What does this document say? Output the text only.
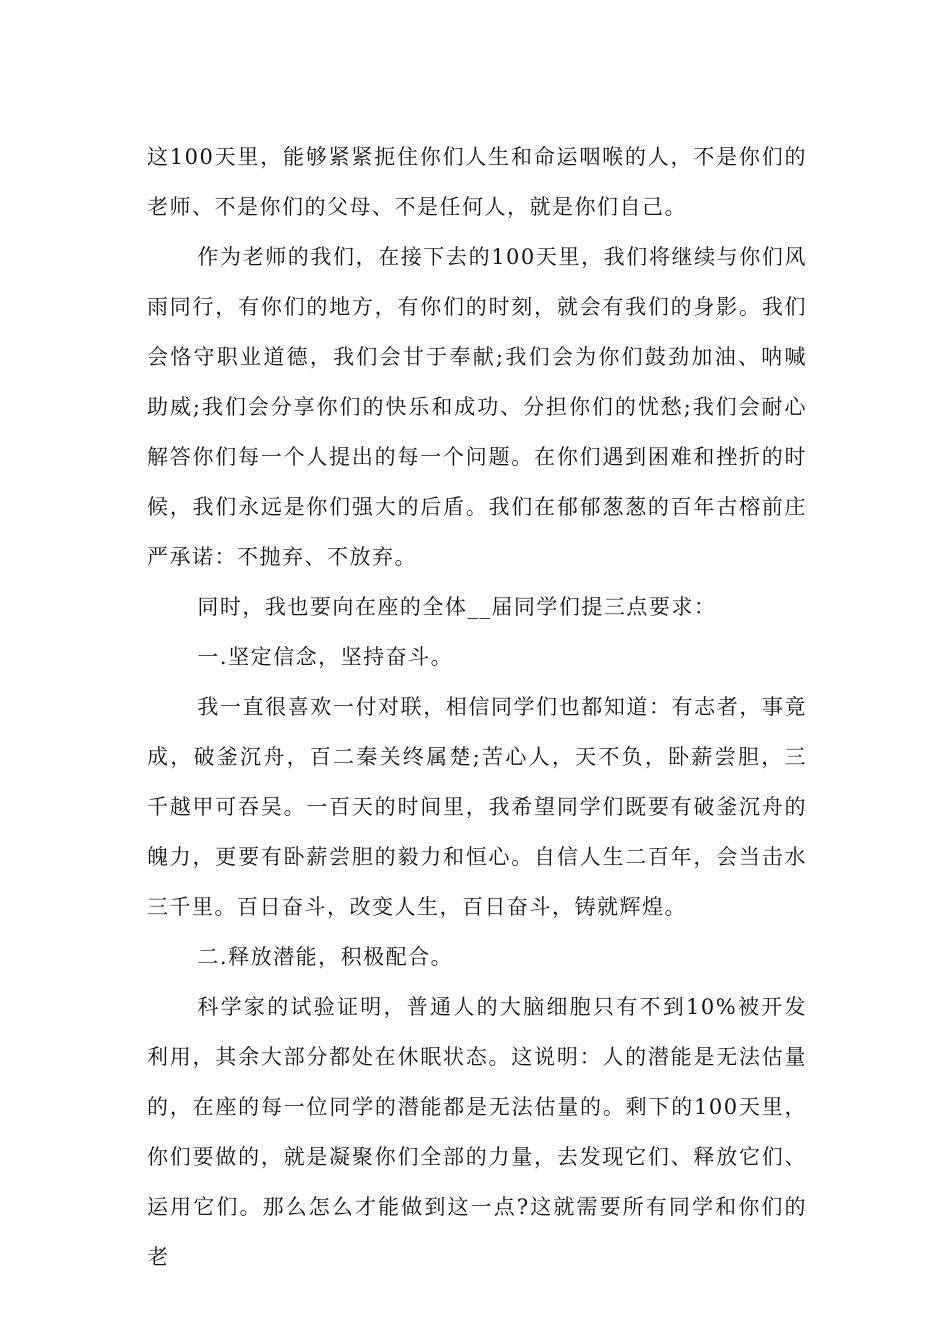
这100天里，能够紧紧扼住你们人生和命运咽喉的人，不是你们的老师、不是你们的父母、不是任何人，就是你们自己。

作为老师的我们，在接下去的100天里，我们将继续与你们风雨同行，有你们的地方，有你们的时刻，就会有我们的身影。我们会恪守职业道德，我们会甘于奉献;我们会为你们鼓劲加油、呐喊助威;我们会分享你们的快乐和成功、分担你们的忧愁;我们会耐心解答你们每一个人提出的每一个问题。在你们遇到困难和挫折的时候，我们永远是你们强大的后盾。我们在郁郁葱葱的百年古榕前庄严承诺：不抛弃、不放弃。

同时，我也要向在座的全体__届同学们提三点要求：

一.坚定信念，坚持奋斗。

我一直很喜欢一付对联，相信同学们也都知道：有志者，事竟成，破釜沉舟，百二秦关终属楚;苦心人，天不负，卧薪尝胆，三千越甲可吞吴。一百天的时间里，我希望同学们既要有破釜沉舟的魄力，更要有卧薪尝胆的毅力和恒心。自信人生二百年，会当击水三千里。百日奋斗，改变人生，百日奋斗，铸就辉煌。

二.释放潜能，积极配合。

科学家的试验证明，普通人的大脑细胞只有不到10%被开发利用，其余大部分都处在休眠状态。这说明：人的潜能是无法估量的，在座的每一位同学的潜能都是无法估量的。剩下的100天里，你们要做的，就是凝聚你们全部的力量，去发现它们、释放它们、运用它们。那么怎么才能做到这一点?这就需要所有同学和你们的老
